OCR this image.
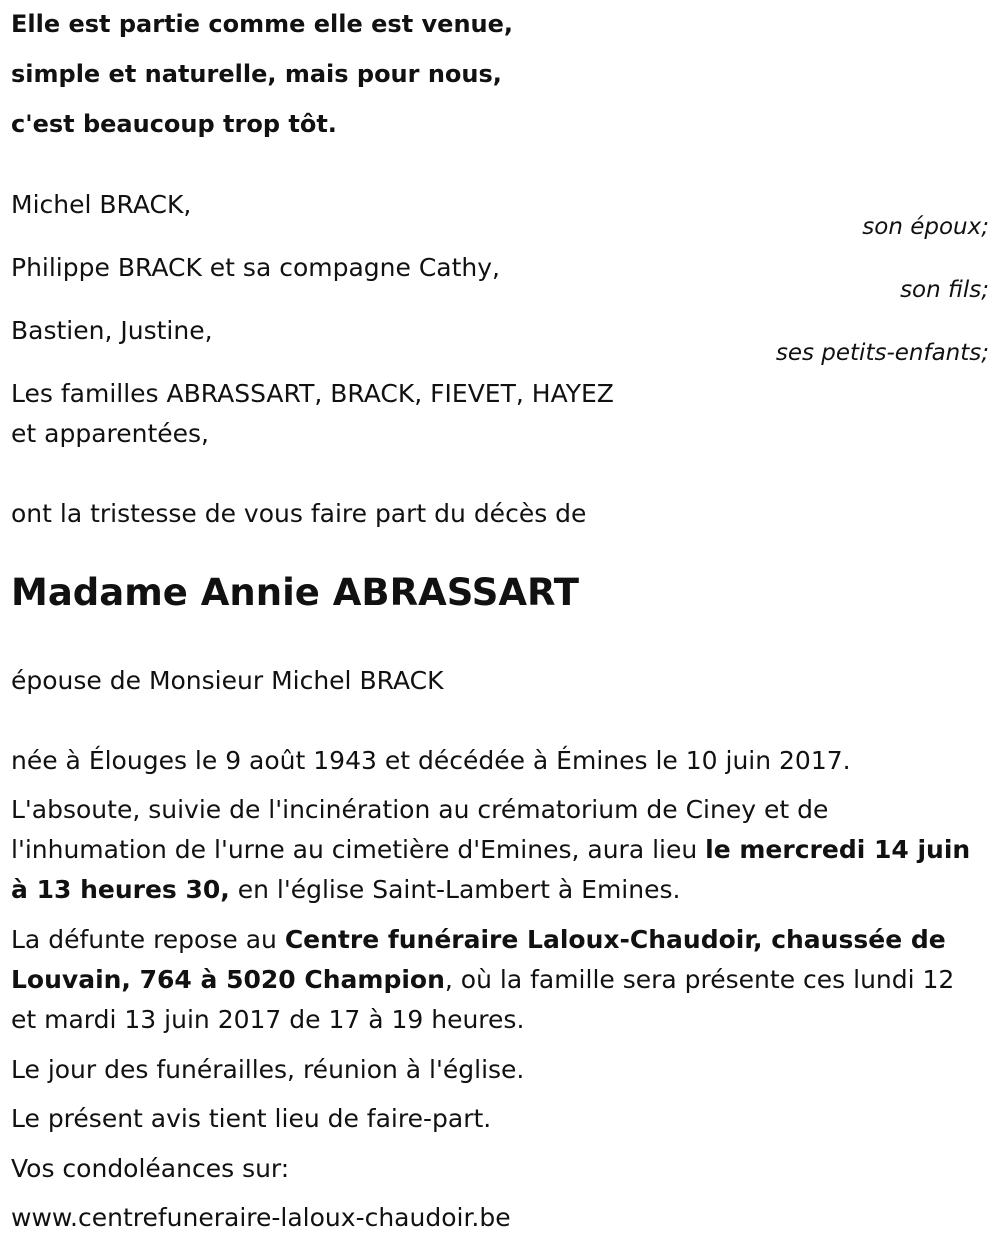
Elle est partie comme elle est venue,
simple et naturelle, mais pour nous,
c'est beaucoup trop tôt.
Michel BRACK,
son époux;
Philippe BRACK et sa compagne Cathy,
son fils;
Bastien, Justine,
ses petits-enfants;
Les familles ABRASSART, BRACK, FIEVET, HAYEZ
et apparentées,
ont la tristesse de vous faire part du décès de
Madame Annie ABRASSART
épouse de Monsieur Michel BRACK
née à Élouges le 9 août 1943 et décédée à Émines le 10 juin 2017.
L'absoute, suivie de l'incinération au crématorium de Ciney et de l'inhumation de l'urne au cimetière d'Emines, aura lieu le mercredi 14 juin à 13 heures 30, en l'église Saint-Lambert à Emines.
La défunte repose au Centre funéraire Laloux-Chaudoir, chaussée de Louvain, 764 à 5020 Champion, où la famille sera présente ces lundi 12 et mardi 13 juin 2017 de 17 à 19 heures.
Le jour des funérailles, réunion à l'église.
Le présent avis tient lieu de faire-part.
Vos condoléances sur:
www.centrefuneraire-laloux-chaudoir.be
